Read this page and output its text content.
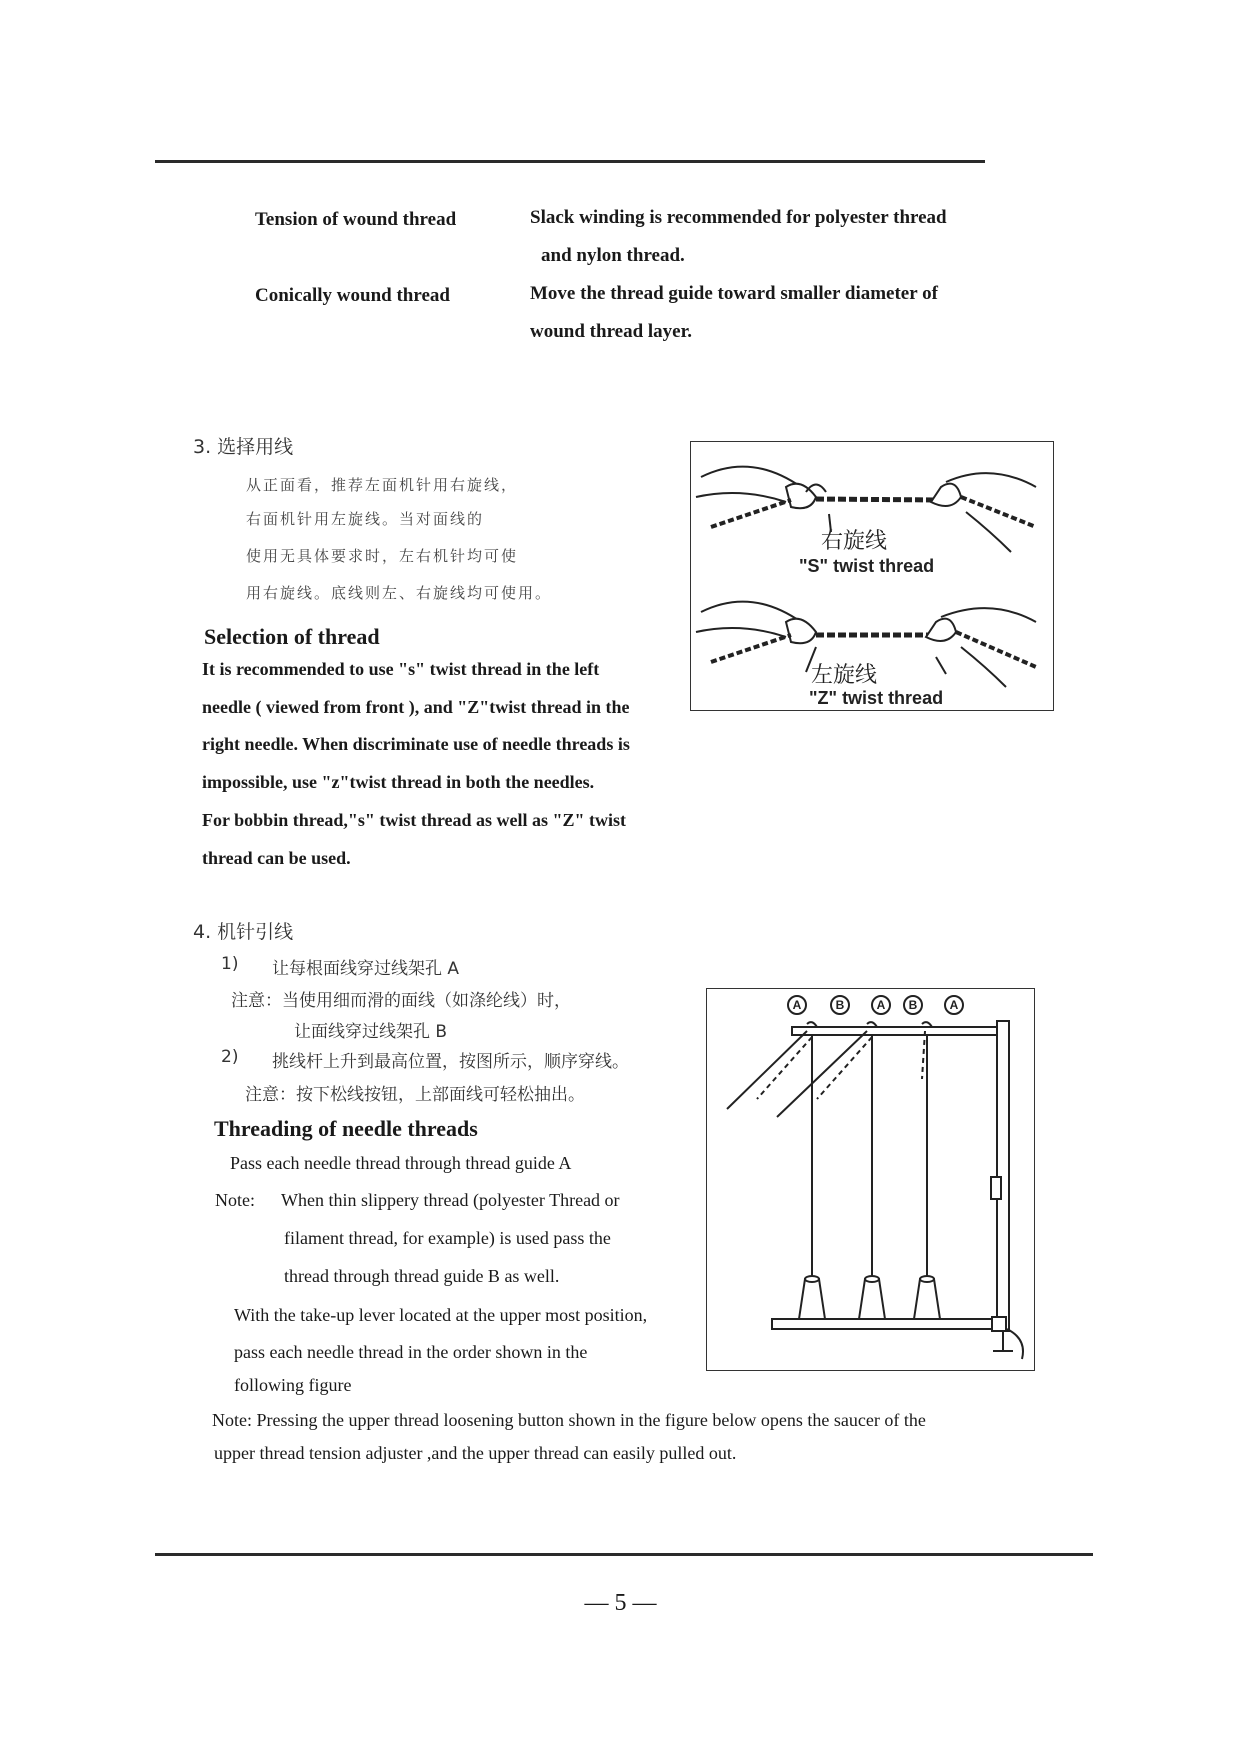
Tension of wound thread	Slack winding is recommended for polyester thread
and nylon thread.
Conically wound thread	Move the thread guide toward smaller diameter of
wound thread layer.
3. 选择用线
从正面看，推荐左面机针用右旋线，
右面机针用左旋线。当对面线的
使用无具体要求时，左右机针均可使
用右旋线。底线则左、右旋线均可使用。
Selection of thread
It is recommended to use "s" twist thread in the left
needle ( viewed from front ), and "Z"twist thread in the
right needle. When discriminate use of needle threads is
impossible, use "z"twist thread in both the needles.
For bobbin thread,"s" twist thread as well as "Z" twist
thread can be used.
右旋线
"S" twist thread
左旋线
"Z" twist thread
4. 机针引线
1) 让每根面线穿过线架孔 A
注意：当使用细而滑的面线（如涤纶线）时，
让面线穿过线架孔 B
2) 挑线杆上升到最高位置，按图所示，顺序穿线。
注意：按下松线按钮，上部面线可轻松抽出。
Threading of needle threads
Pass each needle thread through thread guide A
Note: When thin slippery thread (polyester Thread or
filament thread, for example) is used pass the
thread through thread guide B as well.
With the take-up lever located at the upper most position,
pass each needle thread in the order shown in the
following figure
Note: Pressing the upper thread loosening button shown in the figure below opens the saucer of the
upper thread tension adjuster ,and the upper thread can easily pulled out.
A	B	A B	A
— 5 —
